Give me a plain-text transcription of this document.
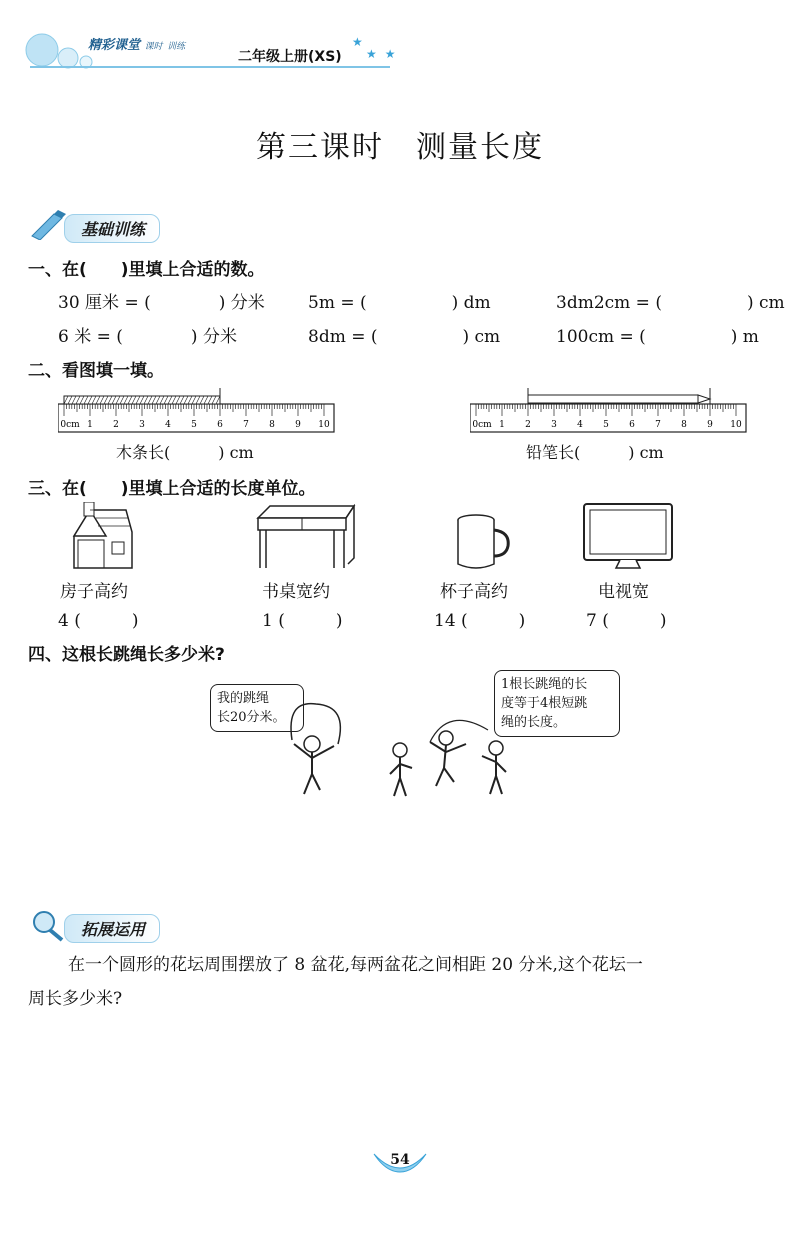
精彩课堂 课时 训练
二年级上册(XS)
★
★ ★
第三课时　测量长度
基础训练
一、在(　　)里填上合适的数。
30 厘米 = (　　　　) 分米	5m = (　　　　　) dm	3dm2cm = (　　　　　) cm
6 米 = (　　　　) 分米	8dm = (　　　　　) cm	100cm = (　　　　　) m
二、看图填一填。
0cm 1 2 3 4 5 6 7 8 9 10
木条长(　　　) cm
0cm 1 2 3 4 5 6 7 8 9 10
铅笔长(　　　) cm
三、在(　　)里填上合适的长度单位。
房子高约
4 (　　　)
书桌宽约
1 (　　　)
杯子高约
14 (　　　)
电视宽
7 (　　　)
四、这根长跳绳长多少米?
我的跳绳
长20分米。
1根长跳绳的长
度等于4根短跳
绳的长度。
拓展运用
在一个圆形的花坛周围摆放了 8 盆花,每两盆花之间相距 20 分米,这个花坛一
周长多少米?
54
